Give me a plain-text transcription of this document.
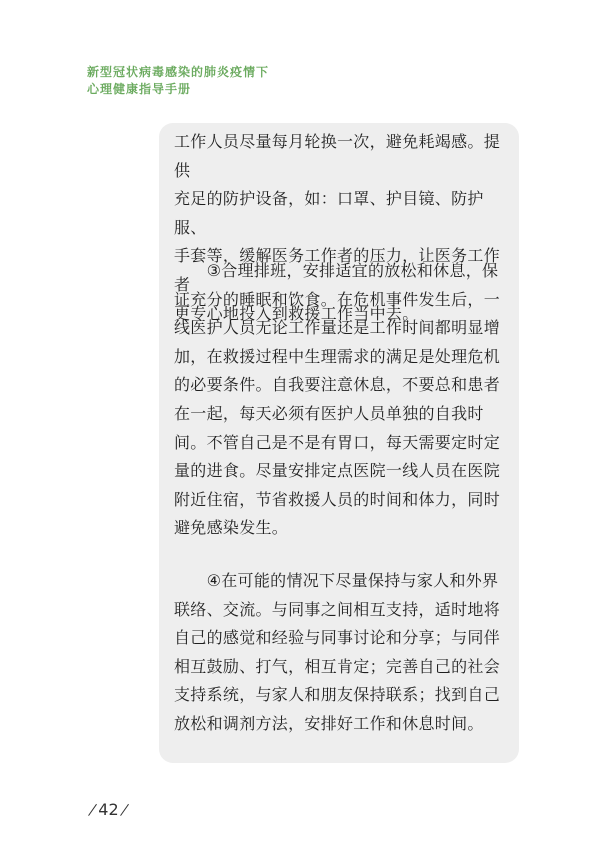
新型冠状病毒感染的肺炎疫情下
心理健康指导手册

工作人员尽量每月轮换一次，避免耗竭感。提供
充足的防护设备，如：口罩、护目镜、防护服、
手套等，缓解医务工作者的压力，让医务工作者
更专心地投入到救援工作当中去。

　　③合理排班，安排适宜的放松和休息，保
证充分的睡眠和饮食。在危机事件发生后，一
线医护人员无论工作量还是工作时间都明显增
加，在救援过程中生理需求的满足是处理危机
的必要条件。自我要注意休息，不要总和患者
在一起，每天必须有医护人员单独的自我时
间。不管自己是不是有胃口，每天需要定时定
量的进食。尽量安排定点医院一线人员在医院
附近住宿，节省救援人员的时间和体力，同时
避免感染发生。

　　④在可能的情况下尽量保持与家人和外界
联络、交流。与同事之间相互支持，适时地将
自己的感觉和经验与同事讨论和分享；与同伴
相互鼓励、打气，相互肯定；完善自己的社会
支持系统，与家人和朋友保持联系；找到自己
放松和调剂方法，安排好工作和休息时间。

42
